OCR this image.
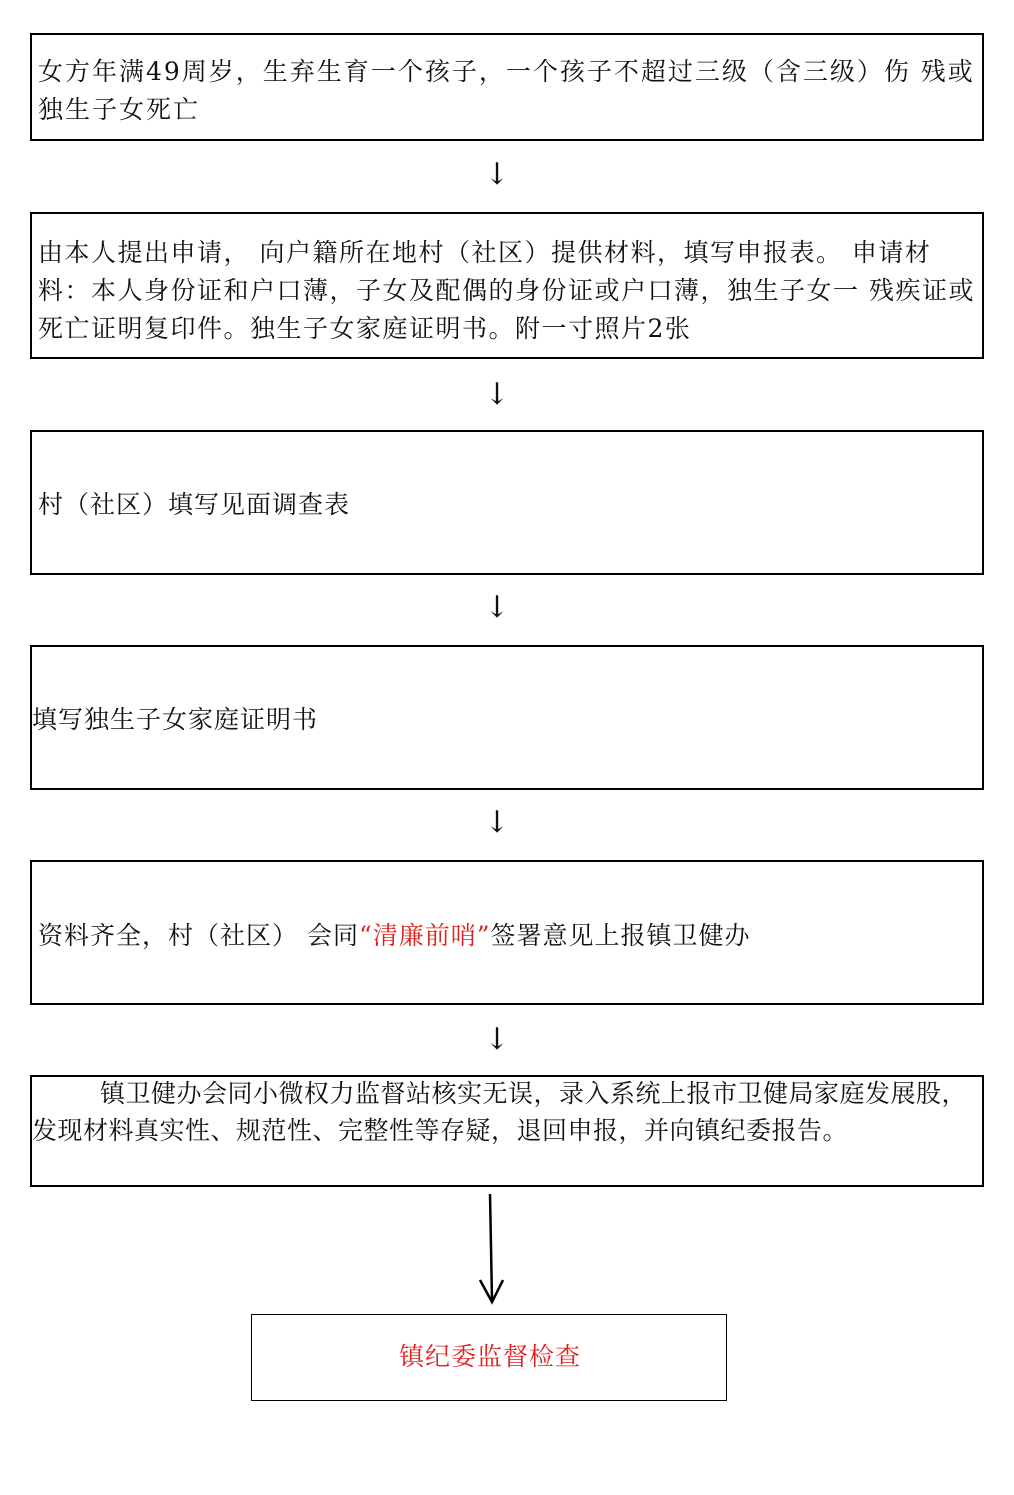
女方年满49周岁，生弃生育一个孩子，一个孩子不超过三级（含三级）伤 残或独生子女死亡
↓
由本人提出申请， 向户籍所在地村（社区）提供材料，填写申报表。 申请材料：本人身份证和户口薄，子女及配偶的身份证或户口薄，独生子女一 残疾证或死亡证明复印件。独生子女家庭证明书。附一寸照片2张
↓
村（社区）填写见面调查表
↓
填写独生子女家庭证明书
↓
资料齐全，村（社区） 会同“清廉前哨”签署意见上报镇卫健办
↓
镇卫健办会同小微权力监督站核实无误，录入系统上报市卫健局家庭发展股，发现材料真实性、规范性、完整性等存疑，退回申报，并向镇纪委报告。
镇纪委监督检查
